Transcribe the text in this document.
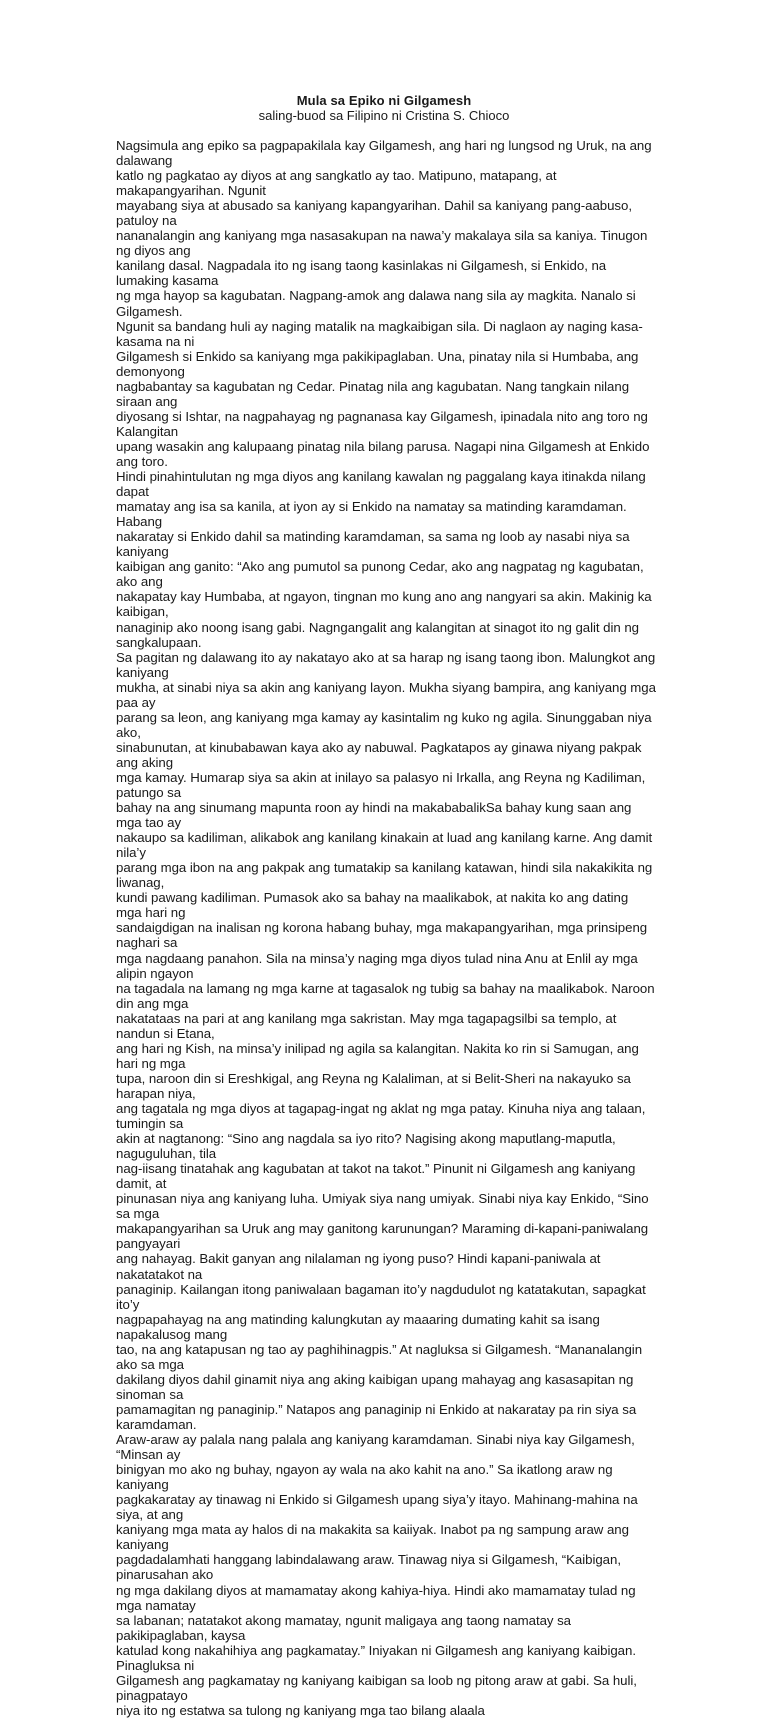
Mula sa Epiko ni Gilgamesh
saling-buod sa Filipino ni Cristina S. Chioco

Nagsimula ang epiko sa pagpapakilala kay Gilgamesh, ang hari ng lungsod ng Uruk, na ang dalawang
katlo ng pagkatao ay diyos at ang sangkatlo ay tao. Matipuno, matapang, at makapangyarihan. Ngunit
mayabang siya at abusado sa kaniyang kapangyarihan. Dahil sa kaniyang pang-aabuso, patuloy na
nananalangin ang kaniyang mga nasasakupan na nawa’y makalaya sila sa kaniya. Tinugon ng diyos ang
kanilang dasal. Nagpadala ito ng isang taong kasinlakas ni Gilgamesh, si Enkido, na lumaking kasama
ng mga hayop sa kagubatan. Nagpang-amok ang dalawa nang sila ay magkita. Nanalo si Gilgamesh.
Ngunit sa bandang huli ay naging matalik na magkaibigan sila. Di naglaon ay naging kasa-kasama na ni
Gilgamesh si Enkido sa kaniyang mga pakikipaglaban. Una, pinatay nila si Humbaba, ang demonyong
nagbabantay sa kagubatan ng Cedar. Pinatag nila ang kagubatan. Nang tangkain nilang siraan ang
diyosang si Ishtar, na nagpahayag ng pagnanasa kay Gilgamesh, ipinadala nito ang toro ng Kalangitan
upang wasakin ang kalupaang pinatag nila bilang parusa. Nagapi nina Gilgamesh at Enkido ang toro.
Hindi pinahintulutan ng mga diyos ang kanilang kawalan ng paggalang kaya itinakda nilang dapat
mamatay ang isa sa kanila, at iyon ay si Enkido na namatay sa matinding karamdaman. Habang
nakaratay si Enkido dahil sa matinding karamdaman, sa sama ng loob ay nasabi niya sa kaniyang
kaibigan ang ganito: “Ako ang pumutol sa punong Cedar, ako ang nagpatag ng kagubatan, ako ang
nakapatay kay Humbaba, at ngayon, tingnan mo kung ano ang nangyari sa akin. Makinig ka kaibigan,
nanaginip ako noong isang gabi. Nagngangalit ang kalangitan at sinagot ito ng galit din ng sangkalupaan.
Sa pagitan ng dalawang ito ay nakatayo ako at sa harap ng isang taong ibon. Malungkot ang kaniyang
mukha, at sinabi niya sa akin ang kaniyang layon. Mukha siyang bampira, ang kaniyang mga paa ay
parang sa leon, ang kaniyang mga kamay ay kasintalim ng kuko ng agila. Sinunggaban niya ako,
sinabunutan, at kinubabawan kaya ako ay nabuwal. Pagkatapos ay ginawa niyang pakpak ang aking
mga kamay. Humarap siya sa akin at inilayo sa palasyo ni Irkalla, ang Reyna ng Kadiliman, patungo sa
bahay na ang sinumang mapunta roon ay hindi na makababalikSa bahay kung saan ang mga tao ay
nakaupo sa kadiliman, alikabok ang kanilang kinakain at luad ang kanilang karne. Ang damit nila’y
parang mga ibon na ang pakpak ang tumatakip sa kanilang katawan, hindi sila nakakikita ng liwanag,
kundi pawang kadiliman. Pumasok ako sa bahay na maalikabok, at nakita ko ang dating mga hari ng
sandaigdigan na inalisan ng korona habang buhay, mga makapangyarihan, mga prinsipeng naghari sa
mga nagdaang panahon. Sila na minsa’y naging mga diyos tulad nina Anu at Enlil ay mga alipin ngayon
na tagadala na lamang ng mga karne at tagasalok ng tubig sa bahay na maalikabok. Naroon din ang mga
nakatataas na pari at ang kanilang mga sakristan. May mga tagapagsilbi sa templo, at nandun si Etana,
ang hari ng Kish, na minsa’y inilipad ng agila sa kalangitan. Nakita ko rin si Samugan, ang hari ng mga
tupa, naroon din si Ereshkigal, ang Reyna ng Kalaliman, at si Belit-Sheri na nakayuko sa harapan niya,
ang tagatala ng mga diyos at tagapag-ingat ng aklat ng mga patay. Kinuha niya ang talaan, tumingin sa
akin at nagtanong: “Sino ang nagdala sa iyo rito? Nagising akong maputlang-maputla, naguguluhan, tila
nag-iisang tinatahak ang kagubatan at takot na takot.” Pinunit ni Gilgamesh ang kaniyang damit, at
pinunasan niya ang kaniyang luha. Umiyak siya nang umiyak. Sinabi niya kay Enkido, “Sino sa mga
makapangyarihan sa Uruk ang may ganitong karunungan? Maraming di-kapani-paniwalang pangyayari
ang nahayag. Bakit ganyan ang nilalaman ng iyong puso? Hindi kapani-paniwala at nakatatakot na
panaginip. Kailangan itong paniwalaan bagaman ito’y nagdudulot ng katatakutan, sapagkat ito’y
nagpapahayag na ang matinding kalungkutan ay maaaring dumating kahit sa isang napakalusog mang
tao, na ang katapusan ng tao ay paghihinagpis.” At nagluksa si Gilgamesh. “Mananalangin ako sa mga
dakilang diyos dahil ginamit niya ang aking kaibigan upang mahayag ang kasasapitan ng sinoman sa
pamamagitan ng panaginip.” Natapos ang panaginip ni Enkido at nakaratay pa rin siya sa karamdaman.
Araw-araw ay palala nang palala ang kaniyang karamdaman. Sinabi niya kay Gilgamesh, “Minsan ay
binigyan mo ako ng buhay, ngayon ay wala na ako kahit na ano.” Sa ikatlong araw ng kaniyang
pagkakaratay ay tinawag ni Enkido si Gilgamesh upang siya’y itayo. Mahinang-mahina na siya, at ang
kaniyang mga mata ay halos di na makakita sa kaiiyak. Inabot pa ng sampung araw ang kaniyang
pagdadalamhati hanggang labindalawang araw. Tinawag niya si Gilgamesh, “Kaibigan, pinarusahan ako
ng mga dakilang diyos at mamamatay akong kahiya-hiya. Hindi ako mamamatay tulad ng mga namatay
sa labanan; natatakot akong mamatay, ngunit maligaya ang taong namatay sa pakikipaglaban, kaysa
katulad kong nakahihiya ang pagkamatay.” Iniyakan ni Gilgamesh ang kaniyang kaibigan. Pinagluksa ni
Gilgamesh ang pagkamatay ng kaniyang kaibigan sa loob ng pitong araw at gabi. Sa huli, pinagpatayo
niya ito ng estatwa sa tulong ng kaniyang mga tao bilang alaala
